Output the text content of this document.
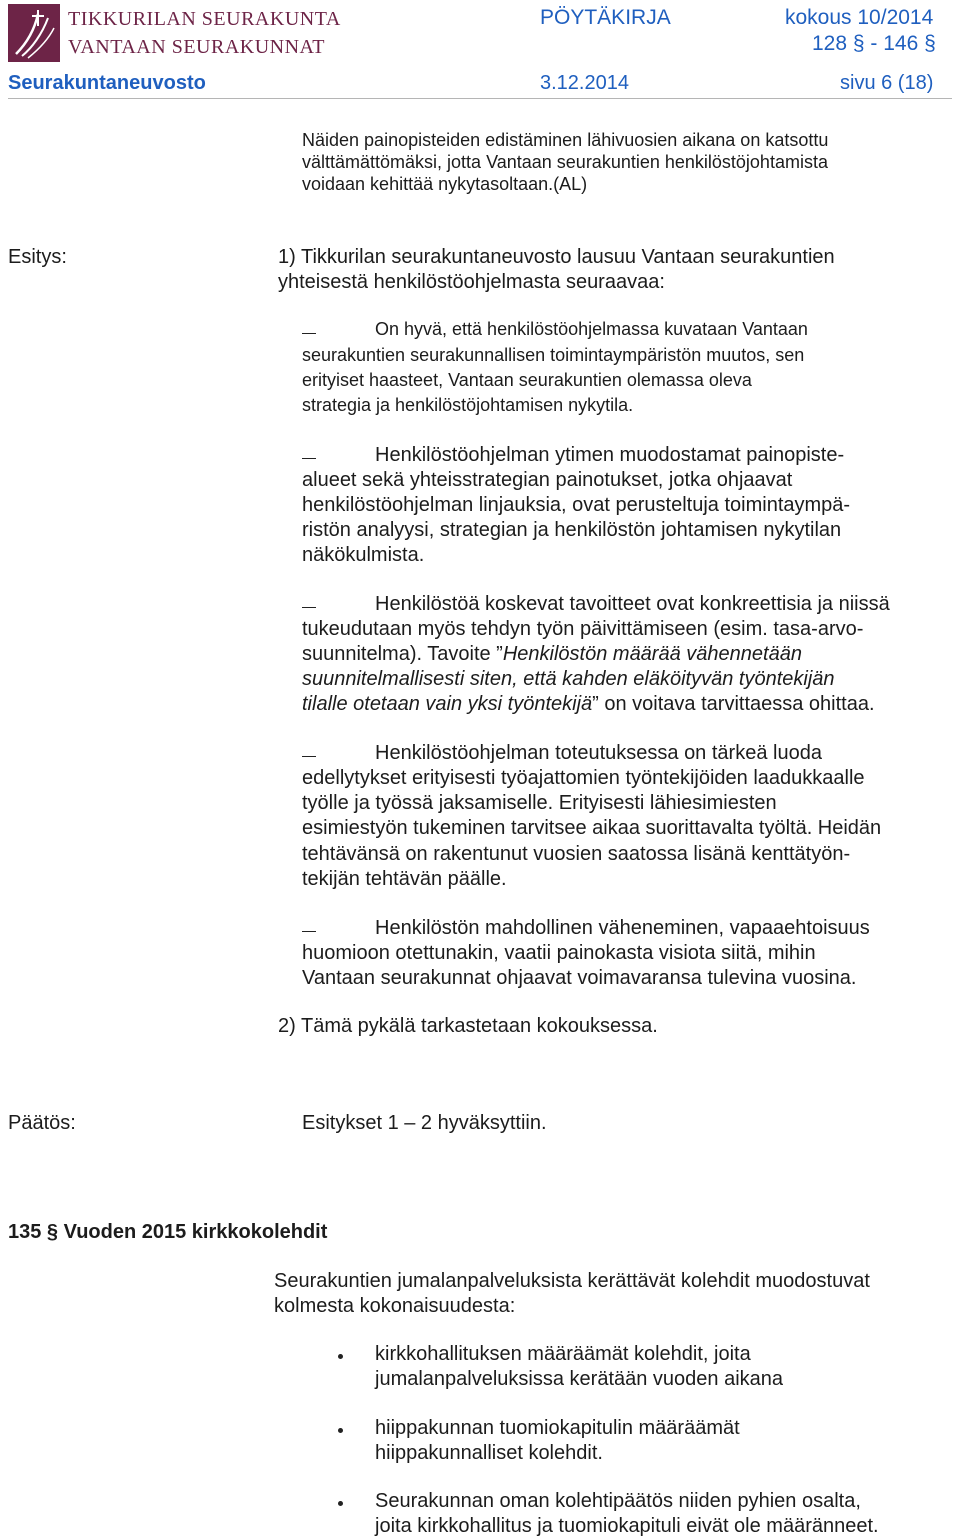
TIKKURILAN SEURAKUNTA
VANTAAN SEURAKUNNAT
PÖYTÄKIRJA	kokous 10/2014
128 § - 146 §
Seurakuntaneuvosto	3.12.2014	sivu 6 (18)
Näiden painopisteiden edistäminen lähivuosien aikana on katsottu
välttämättömäksi, jotta Vantaan seurakuntien henkilöstöjohtamista
voidaan kehittää nykytasoltaan.(AL)
Esitys:	1) Tikkurilan seurakuntaneuvosto lausuu Vantaan seurakuntien
yhteisestä henkilöstöohjelmasta seuraavaa:
On hyvä, että henkilöstöohjelmassa kuvataan Vantaan
seurakuntien seurakunnallisen toimintaympäristön muutos, sen
erityiset haasteet, Vantaan seurakuntien olemassa oleva
strategia ja henkilöstöjohtamisen nykytila.
Henkilöstöohjelman ytimen muodostamat painopiste-
alueet sekä yhteisstrategian painotukset, jotka ohjaavat
henkilöstöohjelman linjauksia, ovat perusteltuja toimintaympä-
ristön analyysi, strategian ja henkilöstön johtamisen nykytilan
näkökulmista.
Henkilöstöä koskevat tavoitteet ovat konkreettisia ja niissä
tukeudutaan myös tehdyn työn päivittämiseen (esim. tasa-arvo-
suunnitelma). Tavoite ”Henkilöstön määrää vähennetään
suunnitelmallisesti siten, että kahden eläköityvän työntekijän
tilalle otetaan vain yksi työntekijä” on voitava tarvittaessa ohittaa.
Henkilöstöohjelman toteutuksessa on tärkeä luoda
edellytykset erityisesti työajattomien työntekijöiden laadukkaalle
työlle ja työssä jaksamiselle. Erityisesti lähiesimiesten
esimiestyön tukeminen tarvitsee aikaa suorittavalta työltä. Heidän
tehtävänsä on rakentunut vuosien saatossa lisänä kenttätyön-
tekijän tehtävän päälle.
Henkilöstön mahdollinen väheneminen, vapaaehtoisuus
huomioon otettunakin, vaatii painokasta visiota siitä, mihin
Vantaan seurakunnat ohjaavat voimavaransa tulevina vuosina.
2) Tämä pykälä tarkastetaan kokouksessa.
Päätös:	Esitykset 1 – 2 hyväksyttiin.
135 § Vuoden 2015 kirkkokolehdit
Seurakuntien jumalanpalveluksista kerättävät kolehdit muodostuvat
kolmesta kokonaisuudesta:
kirkkohallituksen määräämät kolehdit, joita
jumalanpalveluksissa kerätään vuoden aikana
hiippakunnan tuomiokapitulin määräämät
hiippakunnalliset kolehdit.
Seurakunnan oman kolehtipäätös niiden pyhien osalta,
joita kirkkohallitus ja tuomiokapituli eivät ole määränneet.
